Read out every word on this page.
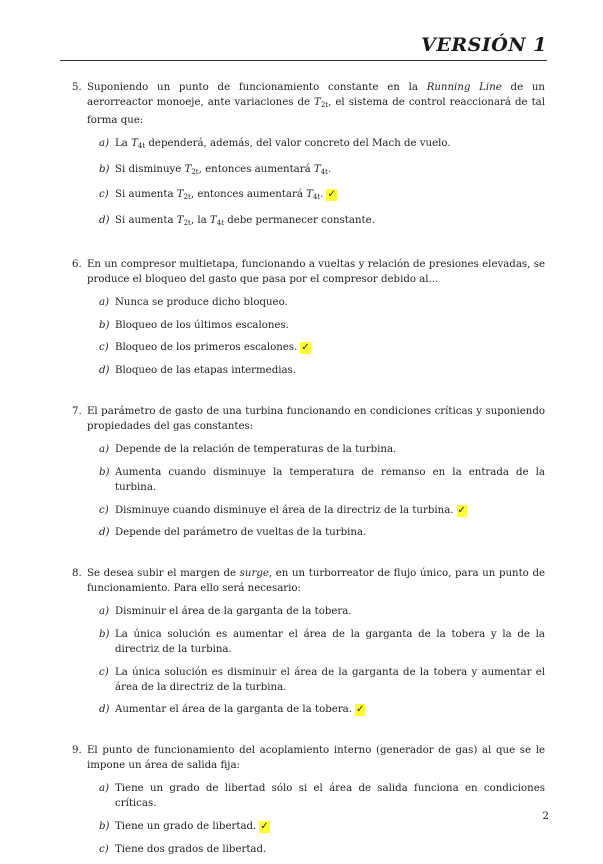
VERSIÓN 1
5. Suponiendo un punto de funcionamiento constante en la Running Line de un aerorreactor monoeje, ante variaciones de $T_{2t}$, el sistema de control reaccionará de tal forma que:
a) La $T_{4t}$ dependerá, además, del valor concreto del Mach de vuelo.
b) Si disminuye $T_{2t}$, entonces aumentará $T_{4t}$.
c) Si aumenta $T_{2t}$, entonces aumentará $T_{4t}$. ✓
d) Si aumenta $T_{2t}$, la $T_{4t}$ debe permanecer constante.
6. En un compresor multietapa, funcionando a vueltas y relación de presiones elevadas, se produce el bloqueo del gasto que pasa por el compresor debido al...
a) Nunca se produce dicho bloqueo.
b) Bloqueo de los últimos escalones.
c) Bloqueo de los primeros escalones. ✓
d) Bloqueo de las etapas intermedias.
7. El parámetro de gasto de una turbina funcionando en condiciones críticas y suponiendo propiedades del gas constantes:
a) Depende de la relación de temperaturas de la turbina.
b) Aumenta cuando disminuye la temperatura de remanso en la entrada de la turbina.
c) Disminuye cuando disminuye el área de la directriz de la turbina. ✓
d) Depende del parámetro de vueltas de la turbina.
8. Se desea subir el margen de surge, en un turborreator de flujo único, para un punto de funcionamiento. Para ello será necesario:
a) Disminuir el área de la garganta de la tobera.
b) La única solución es aumentar el área de la garganta de la tobera y la de la directriz de la turbina.
c) La única solución es disminuir el área de la garganta de la tobera y aumentar el área de la directriz de la turbina.
d) Aumentar el área de la garganta de la tobera. ✓
9. El punto de funcionamiento del acoplamiento interno (generador de gas) al que se le impone un área de salida fija:
a) Tiene un grado de libertad sólo si el área de salida funciona en condiciones críticas.
b) Tiene un grado de libertad. ✓
c) Tiene dos grados de libertad.
2
